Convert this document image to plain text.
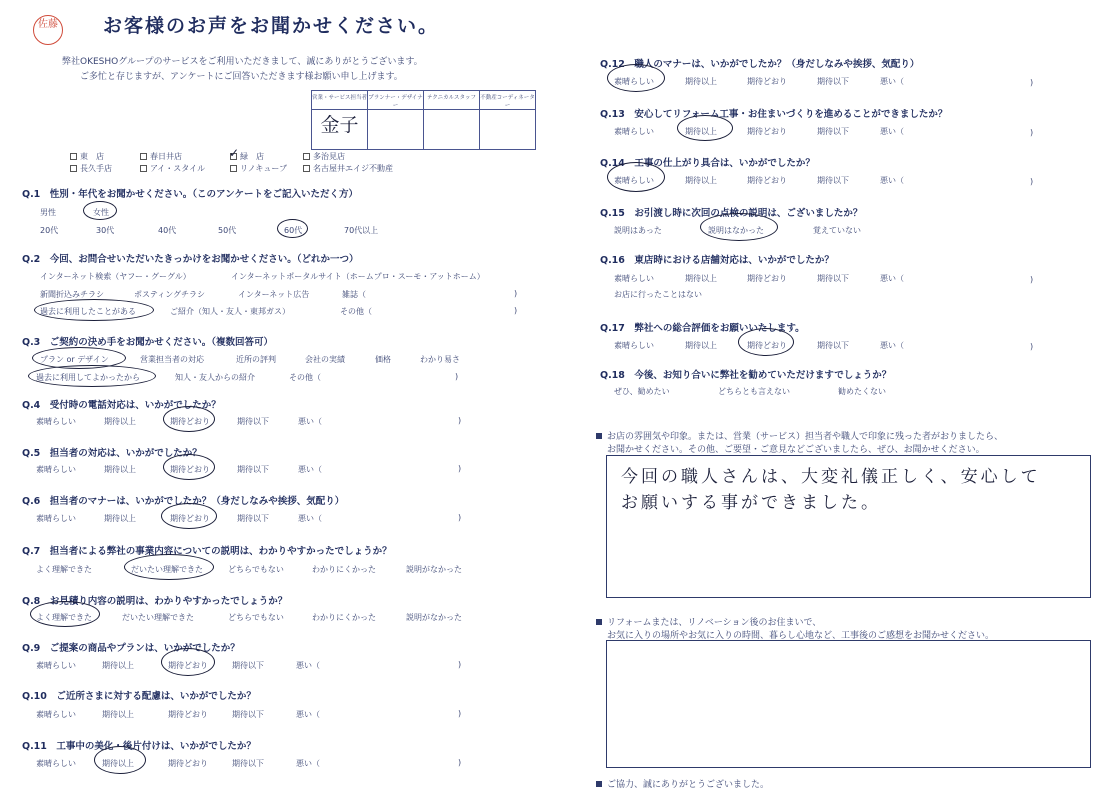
佐藤 お客様のお声をお聞かせください。
弊社OKESHOグループのサービスをご利用いただきまして、誠にありがとうございます。
ご多忙と存じますが、アンケートにご回答いただきます様お願い申し上げます。
営業・サービス担当者	プランナー・デザイナー	テクニカルスタッフ	不動産コーディネーター
金子			
東　店	春日井店	緑　店	多治見店
長久手店	アイ・スタイル	リノキューブ	名古屋井エイジ不動産
✓
Q.1　性別・年代をお聞かせください。（このアンケートをご記入いただく方）
男性	女性
20代	30代	40代	50代	60代	70代以上
Q.2　今回、お問合せいただいたきっかけをお聞かせください。（どれか一つ）
インターネット検索（ヤフー・グーグル）	インターネットポータルサイト（ホームプロ・スーモ・アットホーム）
新聞折込みチラシ	ポスティングチラシ	インターネット広告	雑誌（	)
過去に利用したことがある	ご紹介（知人・友人・東邦ガス）	その他（	)
Q.3　ご契約の決め手をお聞かせください。（複数回答可）
プラン or デザイン	営業担当者の対応	近所の評判	会社の実績	価格	わかり易さ
過去に利用してよかったから	知人・友人からの紹介	その他（	)
Q.4　受付時の電話対応は、いかがでしたか？
素晴らしい	期待以上	期待どおり	期待以下	悪い（	)
Q.5　担当者の対応は、いかがでしたか？
素晴らしい	期待以上	期待どおり	期待以下	悪い（	)
Q.6　担当者のマナーは、いかがでしたか？（身だしなみや挨拶、気配り）
素晴らしい	期待以上	期待どおり	期待以下	悪い（	)
Q.7　担当者による弊社の事業内容についての説明は、わかりやすかったでしょうか？
よく理解できた	だいたい理解できた	どちらでもない	わかりにくかった	説明がなかった
Q.8　お見積り内容の説明は、わかりやすかったでしょうか？
よく理解できた	だいたい理解できた	どちらでもない	わかりにくかった	説明がなかった
Q.9　ご提案の商品やプランは、いかがでしたか？
素晴らしい	期待以上	期待どおり	期待以下	悪い（	)
Q.10　ご近所さまに対する配慮は、いかがでしたか？
素晴らしい	期待以上	期待どおり	期待以下	悪い（	)
Q.11　工事中の美化・後片付けは、いかがでしたか？
素晴らしい	期待以上	期待どおり	期待以下	悪い（	)
Q.12　職人のマナーは、いかがでしたか？（身だしなみや挨拶、気配り）
素晴らしい	期待以上	期待どおり	期待以下	悪い（	)
Q.13　安心してリフォーム工事・お住まいづくりを進めることができましたか？
素晴らしい	期待以上	期待どおり	期待以下	悪い（	)
Q.14　工事の仕上がり具合は、いかがでしたか？
素晴らしい	期待以上	期待どおり	期待以下	悪い（	)
Q.15　お引渡し時に次回の点検の説明は、ございましたか？
説明はあった	説明はなかった	覚えていない
Q.16　東店時における店舗対応は、いかがでしたか？
素晴らしい	期待以上	期待どおり	期待以下	悪い（	)
お店に行ったことはない
Q.17　弊社への総合評価をお願いいたします。
素晴らしい	期待以上	期待どおり	期待以下	悪い（	)
Q.18　今後、お知り合いに弊社を勧めていただけますでしょうか？
ぜひ、勧めたい	どちらとも言えない	勧めたくない
お店の雰囲気や印象。または、営業（サービス）担当者や職人で印象に残った者がおりましたら、
お聞かせください。その他、ご要望・ご意見などございましたら、ぜひ、お聞かせください。
今回の職人さんは、大変礼儀正しく、安心して
お願いする事ができました。
リフォームまたは、リノベーション後のお住まいで、
お気に入りの場所やお気に入りの時間、暮らし心地など、工事後のご感想をお聞かせください。
ご協力、誠にありがとうございました。
